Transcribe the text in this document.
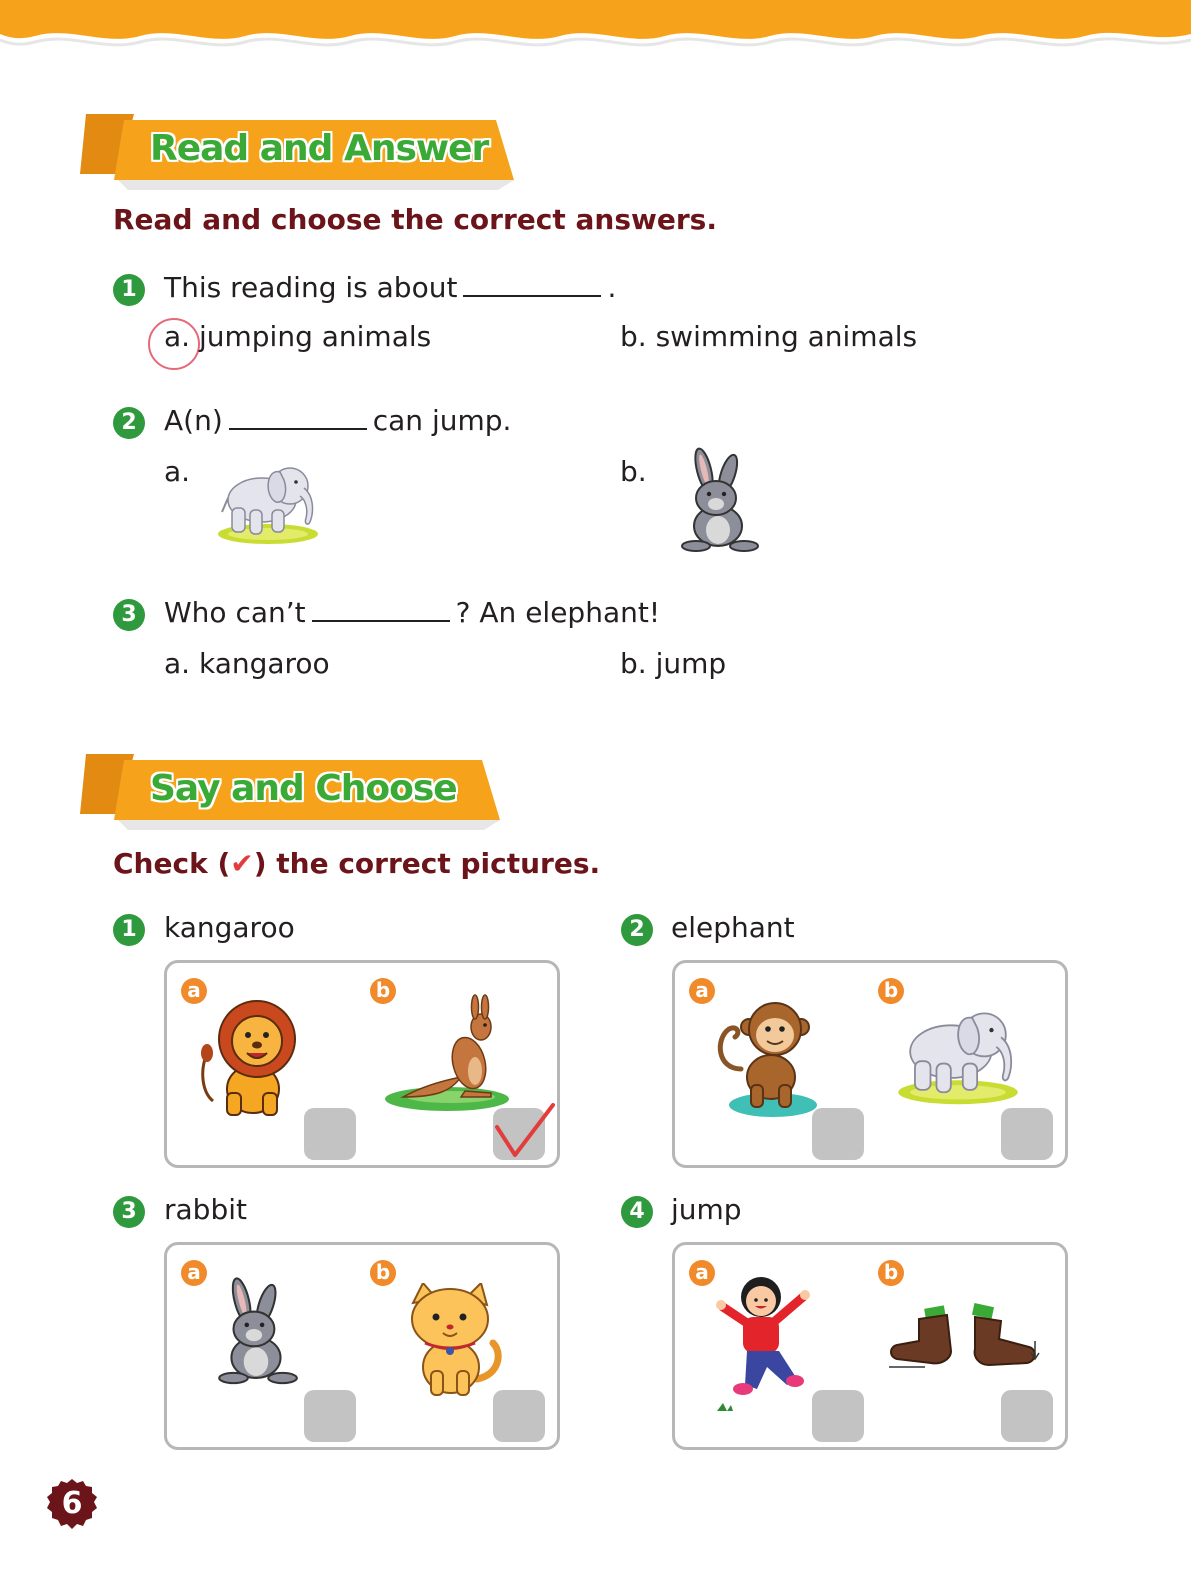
Read and Answer
Read and choose the correct answers.
1 This reading is about	.
a. jumping animals	b. swimming animals
2 A(n)	can jump.
a.	b.
3 Who can’t	? An elephant!
a. kangaroo	b. jump
Say and Choose
Check (✔) the correct pictures.
1 kangaroo
a	b
2 elephant
a	b
3 rabbit
a	b
4 jump
a	b
6
